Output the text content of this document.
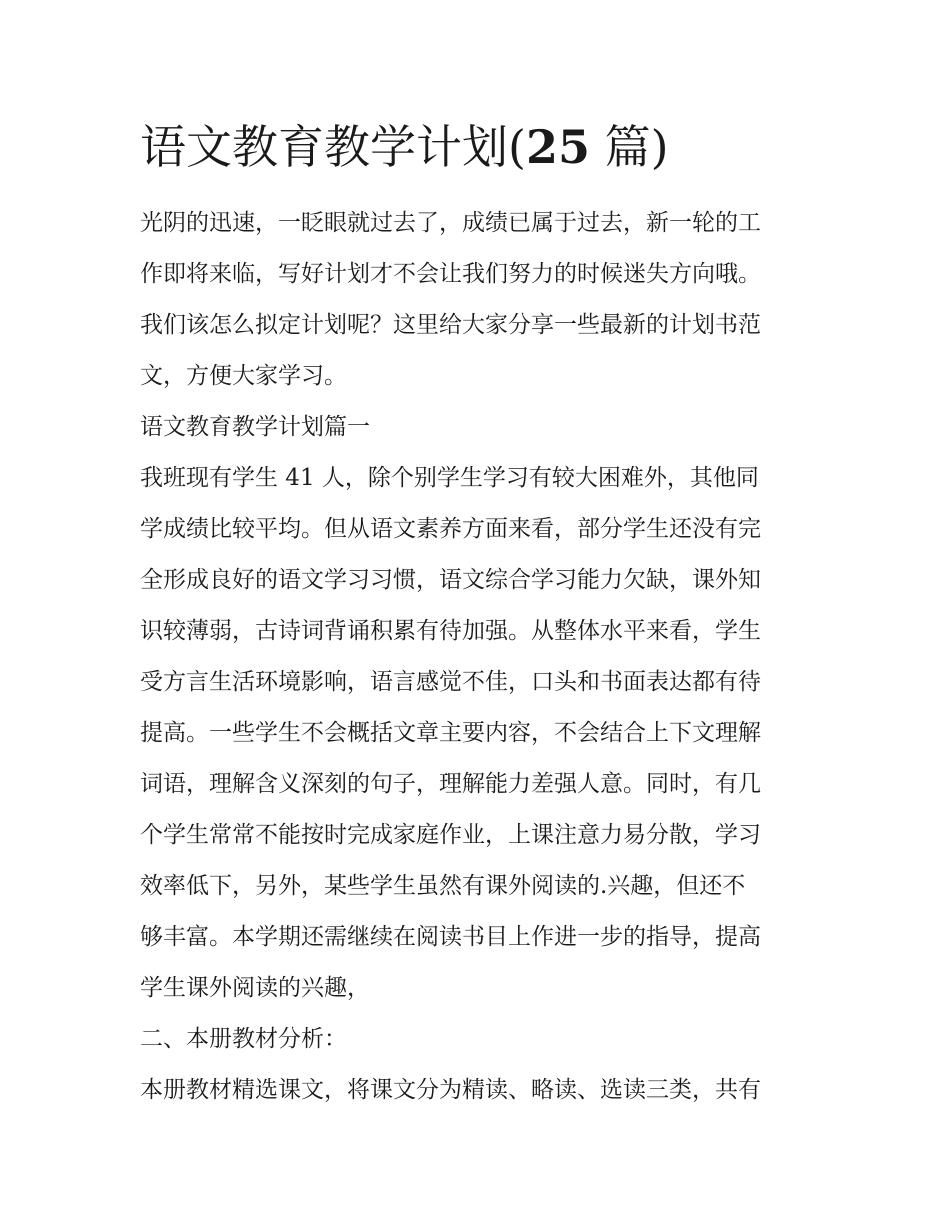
语文教育教学计划(25 篇)

光阴的迅速，一眨眼就过去了，成绩已属于过去，新一轮的工

作即将来临，写好计划才不会让我们努力的时候迷失方向哦。

我们该怎么拟定计划呢？这里给大家分享一些最新的计划书范

文，方便大家学习。

语文教育教学计划篇一

我班现有学生 41 人，除个别学生学习有较大困难外，其他同

学成绩比较平均。但从语文素养方面来看，部分学生还没有完

全形成良好的语文学习习惯，语文综合学习能力欠缺，课外知

识较薄弱，古诗词背诵积累有待加强。从整体水平来看，学生

受方言生活环境影响，语言感觉不佳，口头和书面表达都有待

提高。一些学生不会概括文章主要内容，不会结合上下文理解

词语，理解含义深刻的句子，理解能力差强人意。同时，有几

个学生常常不能按时完成家庭作业，上课注意力易分散，学习

效率低下，另外，某些学生虽然有课外阅读的.兴趣，但还不

够丰富。本学期还需继续在阅读书目上作进一步的指导，提高

学生课外阅读的兴趣，

二、本册教材分析：

本册教材精选课文，将课文分为精读、略读、选读三类，共有
